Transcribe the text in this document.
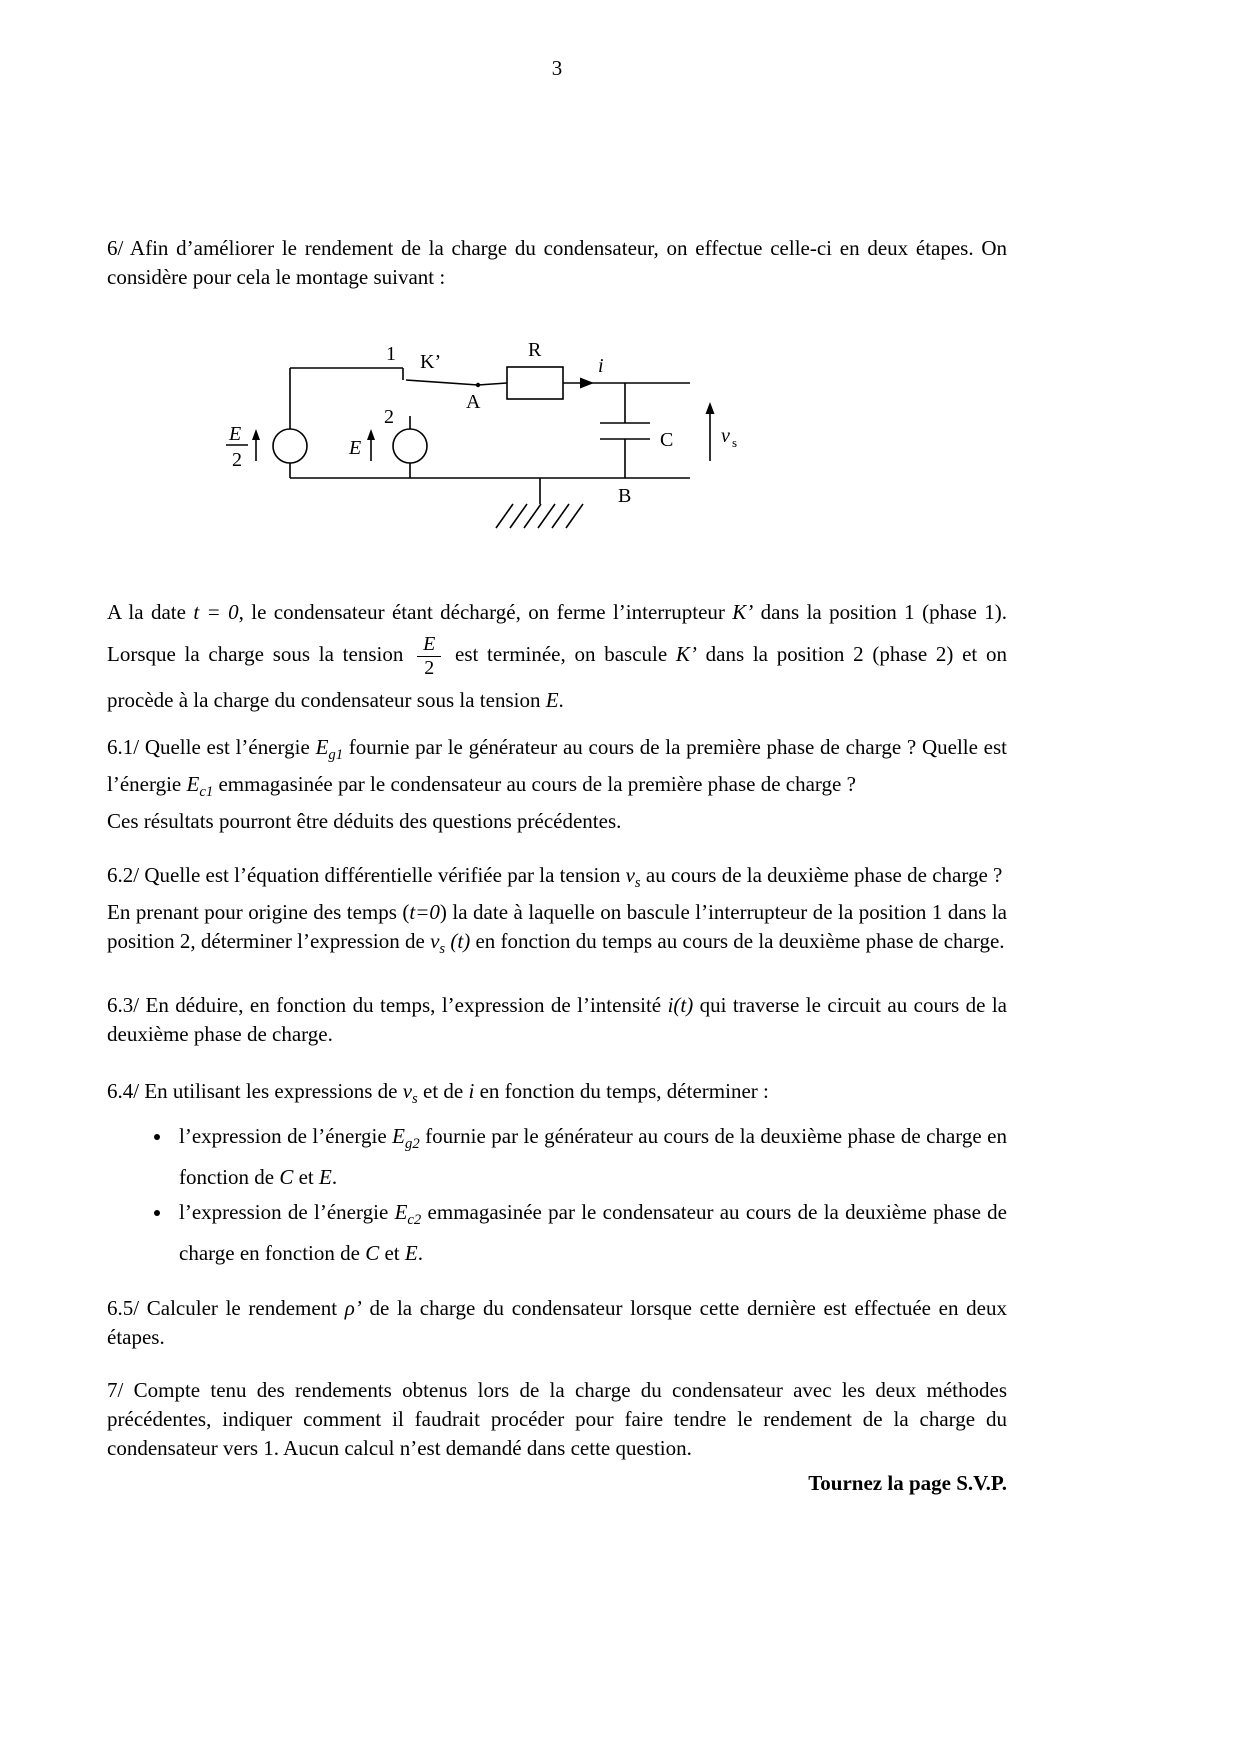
3

6/ Afin d’améliorer le rendement de la charge du condensateur, on effectue celle-ci en deux étapes. On considère pour cela le montage suivant :

1 K’
2
A
R
i
C
B
v s
E
E
2

A la date t = 0, le condensateur étant déchargé, on ferme l’interrupteur K’ dans la position 1 (phase 1). Lorsque la charge sous la tension $\frac{E}{2}$ est terminée, on bascule K’ dans la position 2 (phase 2) et on procède à la charge du condensateur sous la tension E.

6.1/ Quelle est l’énergie $E_{g1}$ fournie par le générateur au cours de la première phase de charge ? Quelle est l’énergie $E_{c1}$ emmagasinée par le condensateur au cours de la première phase de charge ?

Ces résultats pourront être déduits des questions précédentes.

6.2/ Quelle est l’équation différentielle vérifiée par la tension $v_s$ au cours de la deuxième phase de charge ?

En prenant pour origine des temps (t=0) la date à laquelle on bascule l’interrupteur de la position 1 dans la position 2, déterminer l’expression de $v_s$ (t) en fonction du temps au cours de la deuxième phase de charge.

6.3/ En déduire, en fonction du temps, l’expression de l’intensité i(t) qui traverse le circuit au cours de la deuxième phase de charge.

6.4/ En utilisant les expressions de $v_s$ et de i en fonction du temps, déterminer :

• l’expression de l’énergie $E_{g2}$ fournie par le générateur au cours de la deuxième phase de charge en fonction de C et E.
• l’expression de l’énergie $E_{c2}$ emmagasinée par le condensateur au cours de la deuxième phase de charge en fonction de C et E.

6.5/ Calculer le rendement ρ’ de la charge du condensateur lorsque cette dernière est effectuée en deux étapes.

7/ Compte tenu des rendements obtenus lors de la charge du condensateur avec les deux méthodes précédentes, indiquer comment il faudrait procéder pour faire tendre le rendement de la charge du condensateur vers 1. Aucun calcul n’est demandé dans cette question.

Tournez la page S.V.P.
